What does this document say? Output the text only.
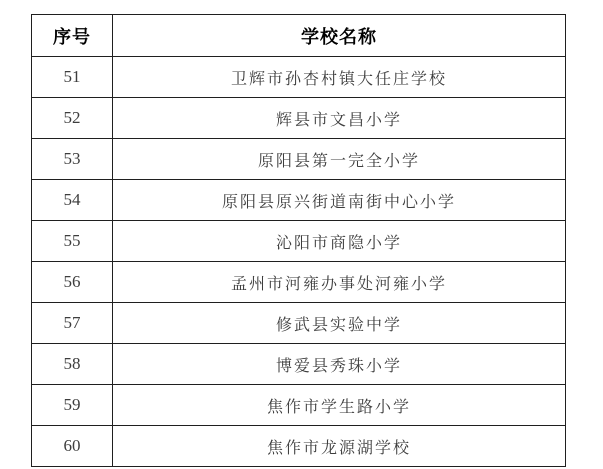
序号	学校名称
51	卫辉市孙杏村镇大任庄学校
52	辉县市文昌小学
53	原阳县第一完全小学
54	原阳县原兴街道南街中心小学
55	沁阳市商隐小学
56	孟州市河雍办事处河雍小学
57	修武县实验中学
58	博爱县秀珠小学
59	焦作市学生路小学
60	焦作市龙源湖学校
